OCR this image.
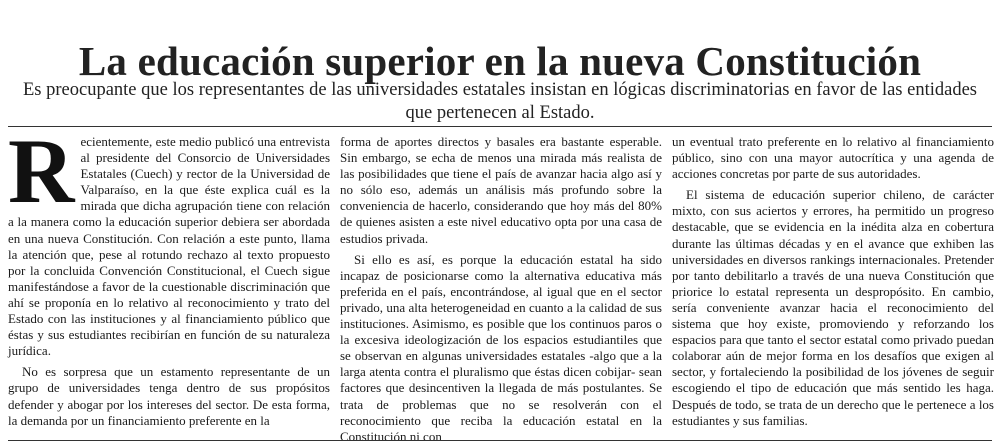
La educación superior en la nueva Constitución
Es preocupante que los representantes de las universidades estatales insistan en lógicas discriminatorias en favor de las entidades que pertenecen al Estado.

Recientemente, este medio publicó una entrevista al presidente del Consorcio de Universidades Estatales (Cuech) y rector de la Universidad de Valparaíso, en la que éste explica cuál es la mirada que dicha agrupación tiene con relación a la manera como la educación superior debiera ser abordada en una nueva Constitución. Con relación a este punto, llama la atención que, pese al rotundo rechazo al texto propuesto por la concluida Convención Constitucional, el Cuech sigue manifestándose a favor de la cuestionable discriminación que ahí se proponía en lo relativo al reconocimiento y trato del Estado con las instituciones y al financiamiento público que éstas y sus estudiantes recibirían en función de su naturaleza jurídica.

No es sorpresa que un estamento representante de un grupo de universidades tenga dentro de sus propósitos defender y abogar por los intereses del sector. De esta forma, la demanda por un financiamiento preferente en la

forma de aportes directos y basales era bastante esperable. Sin embargo, se echa de menos una mirada más realista de las posibilidades que tiene el país de avanzar hacia algo así y no sólo eso, además un análisis más profundo sobre la conveniencia de hacerlo, considerando que hoy más del 80% de quienes asisten a este nivel educativo opta por una casa de estudios privada.

Si ello es así, es porque la educación estatal ha sido incapaz de posicionarse como la alternativa educativa más preferida en el país, encontrándose, al igual que en el sector privado, una alta heterogeneidad en cuanto a la calidad de sus instituciones. Asimismo, es posible que los continuos paros o la excesiva ideologización de los espacios estudiantiles que se observan en algunas universidades estatales -algo que a la larga atenta contra el pluralismo que éstas dicen cobijar- sean factores que desincentiven la llegada de más postulantes. Se trata de problemas que no se resolverán con el reconocimiento que reciba la educación estatal en la Constitución ni con

un eventual trato preferente en lo relativo al financiamiento público, sino con una mayor autocrítica y una agenda de acciones concretas por parte de sus autoridades.

El sistema de educación superior chileno, de carácter mixto, con sus aciertos y errores, ha permitido un progreso destacable, que se evidencia en la inédita alza en cobertura durante las últimas décadas y en el avance que exhiben las universidades en diversos rankings internacionales. Pretender por tanto debilitarlo a través de una nueva Constitución que priorice lo estatal representa un despropósito. En cambio, sería conveniente avanzar hacia el reconocimiento del sistema que hoy existe, promoviendo y reforzando los espacios para que tanto el sector estatal como privado puedan colaborar aún de mejor forma en los desafíos que exigen al sector, y fortaleciendo la posibilidad de los jóvenes de seguir escogiendo el tipo de educación que más sentido les haga. Después de todo, se trata de un derecho que le pertenece a los estudiantes y sus familias.
